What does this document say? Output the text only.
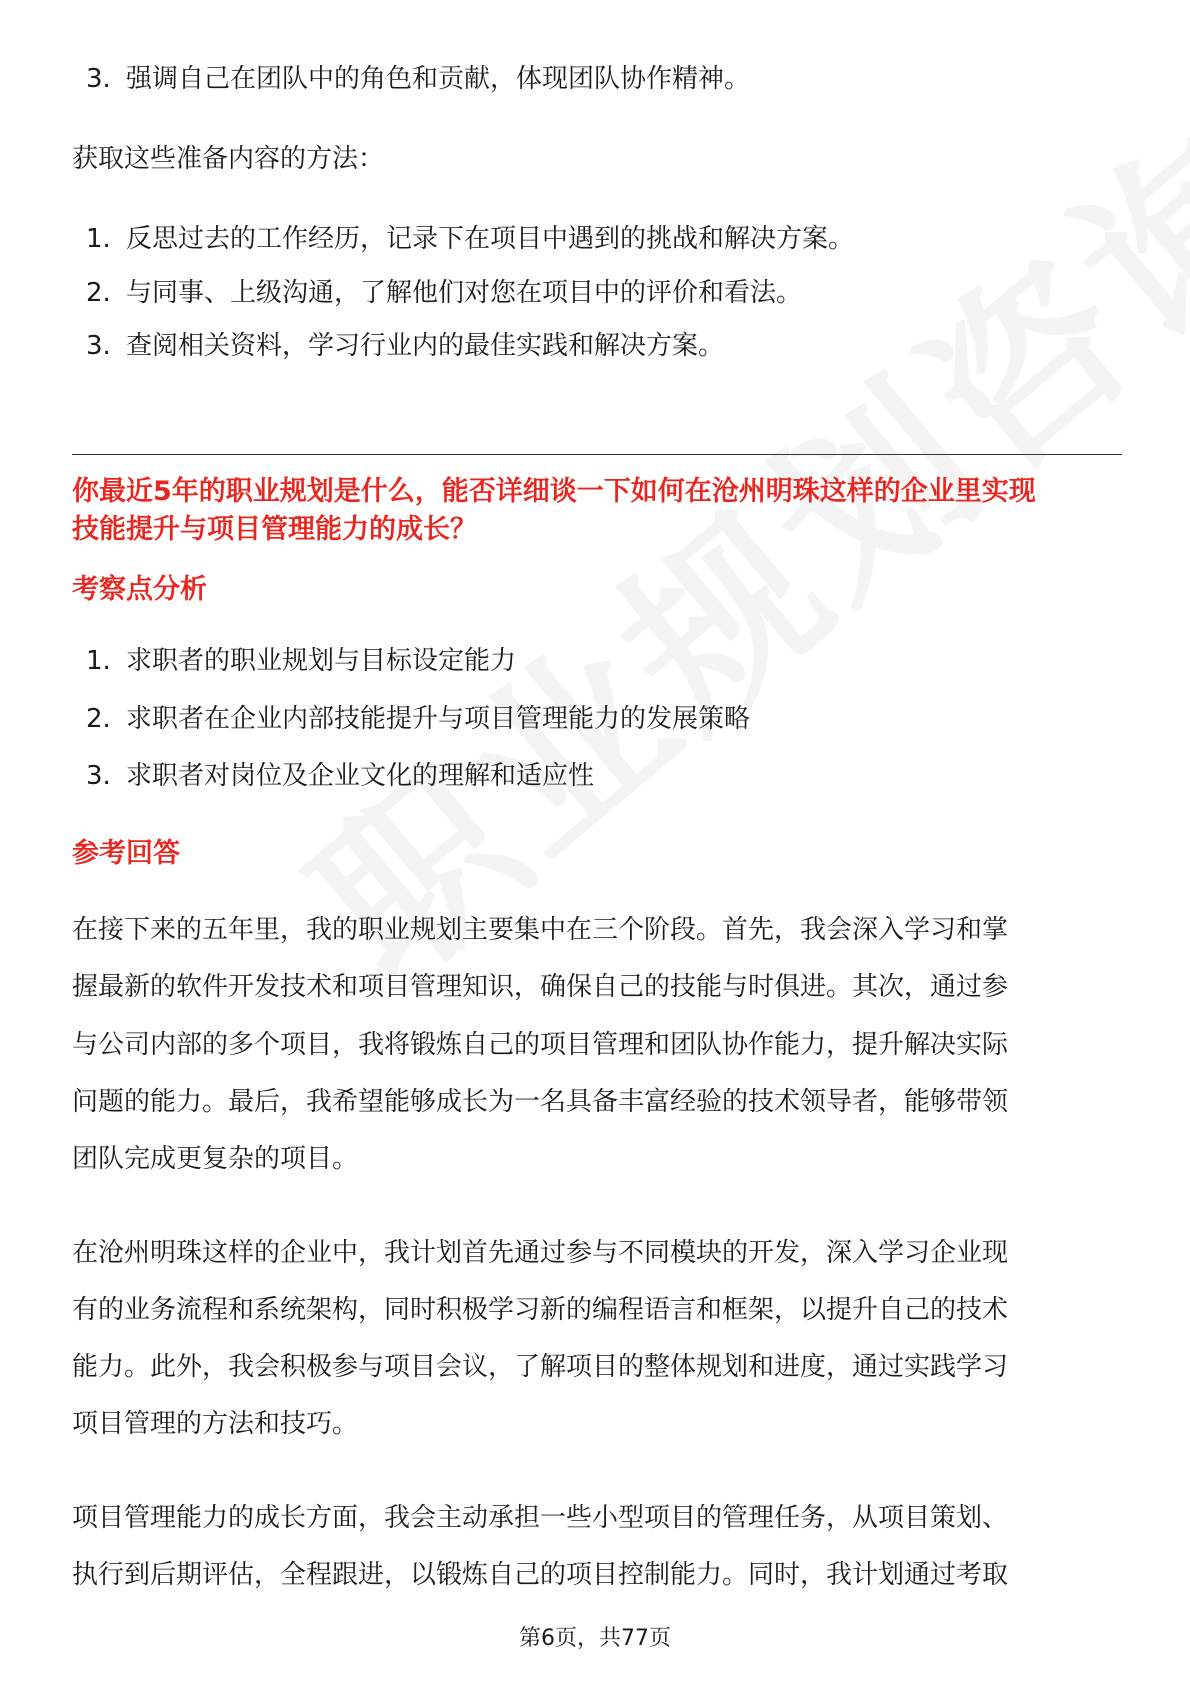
3. 强调自己在团队中的角色和贡献，体现团队协作精神。
获取这些准备内容的方法：
1. 反思过去的工作经历，记录下在项目中遇到的挑战和解决方案。
2. 与同事、上级沟通，了解他们对您在项目中的评价和看法。
3. 查阅相关资料，学习行业内的最佳实践和解决方案。
你最近5年的职业规划是什么，能否详细谈一下如何在沧州明珠这样的企业里实现
技能提升与项目管理能力的成长？
考察点分析
1. 求职者的职业规划与目标设定能力
2. 求职者在企业内部技能提升与项目管理能力的发展策略
3. 求职者对岗位及企业文化的理解和适应性
参考回答
在接下来的五年里，我的职业规划主要集中在三个阶段。首先，我会深入学习和掌
握最新的软件开发技术和项目管理知识，确保自己的技能与时俱进。其次，通过参
与公司内部的多个项目，我将锻炼自己的项目管理和团队协作能力，提升解决实际
问题的能力。最后，我希望能够成长为一名具备丰富经验的技术领导者，能够带领
团队完成更复杂的项目。
在沧州明珠这样的企业中，我计划首先通过参与不同模块的开发，深入学习企业现
有的业务流程和系统架构，同时积极学习新的编程语言和框架，以提升自己的技术
能力。此外，我会积极参与项目会议，了解项目的整体规划和进度，通过实践学习
项目管理的方法和技巧。
项目管理能力的成长方面，我会主动承担一些小型项目的管理任务，从项目策划、
执行到后期评估，全程跟进，以锻炼自己的项目控制能力。同时，我计划通过考取
第6页，共77页
